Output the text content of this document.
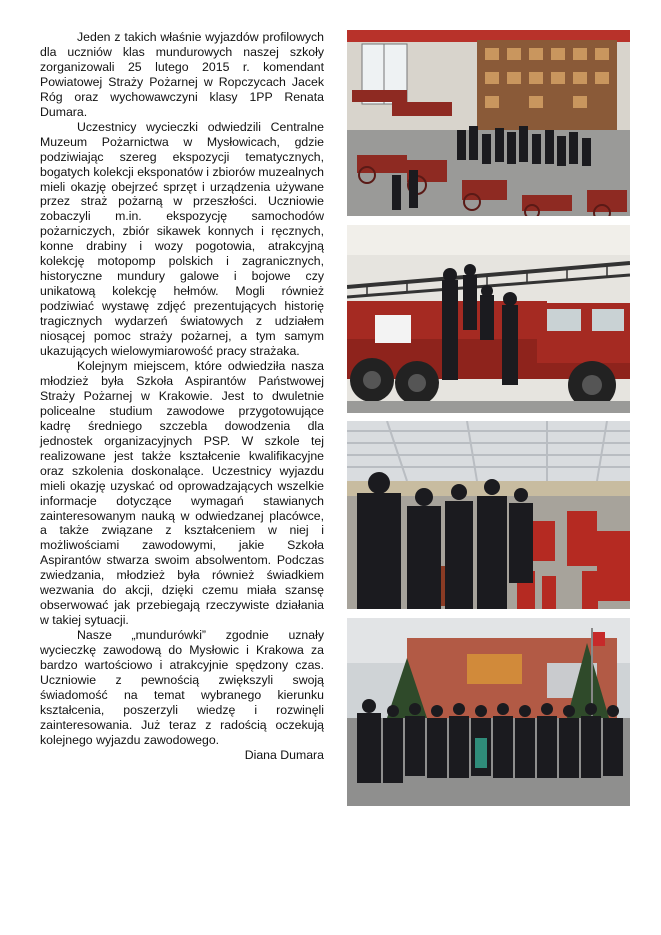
Jeden z takich właśnie wyjazdów profilowych dla uczniów klas mundurowych naszej szkoły zorganizowali 25 lutego 2015 r. komendant Powiatowej Straży Pożarnej w Ropczycach Jacek Róg oraz wychowawczyni klasy 1PP Renata Dumara.

Uczestnicy wycieczki odwiedzili Centralne Muzeum Pożarnictwa w Mysłowicach, gdzie podziwiając szereg ekspozycji tematycznych, bogatych kolekcji eksponatów i zbiorów muzealnych mieli okazję obejrzeć sprzęt i urządzenia używane przez straż pożarną w przeszłości. Uczniowie zobaczyli m.in. ekspozycję samochodów pożarniczych, zbiór sikawek konnych i ręcznych, konne drabiny i wozy pogotowia, atrakcyjną kolekcję motopomp polskich i zagranicznych, historyczne mundury galowe i bojowe czy unikatową kolekcję hełmów. Mogli również podziwiać wystawę zdjęć prezentujących historię tragicznych wydarzeń światowych z udziałem niosącej pomoc straży pożarnej, a tym samym ukazujących wielowymiarowość pracy strażaka.

Kolejnym miejscem, które odwiedziła nasza młodzież była Szkoła Aspirantów Państwowej Straży Pożarnej w Krakowie. Jest to dwuletnie policealne studium zawodowe przygotowujące kadrę średniego szczebla dowodzenia dla jednostek organizacyjnych PSP. W szkole tej realizowane jest także kształcenie kwalifikacyjne oraz szkolenia doskonalące. Uczestnicy wyjazdu mieli okazję uzyskać od oprowadzających wszelkie informacje dotyczące wymagań stawianych zainteresowanym nauką w odwiedzanej placówce, a także związane z kształceniem w niej i możliwościami zawodowymi, jakie Szkoła Aspirantów stwarza swoim absolwentom. Podczas zwiedzania, młodzież była również świadkiem wezwania do akcji, dzięki czemu miała szansę obserwować jak przebiegają rzeczywiste działania w takiej sytuacji.

Nasze „mundurówki” zgodnie uznały wycieczkę zawodową do Mysłowic i Krakowa za bardzo wartościowo i atrakcyjnie spędzony czas. Uczniowie z pewnością zwiększyli swoją świadomość na temat wybranego kierunku kształcenia, poszerzyli wiedzę i rozwinęli zainteresowania. Już teraz z radością oczekują kolejnego wyjazdu zawodowego.

Diana Dumara
